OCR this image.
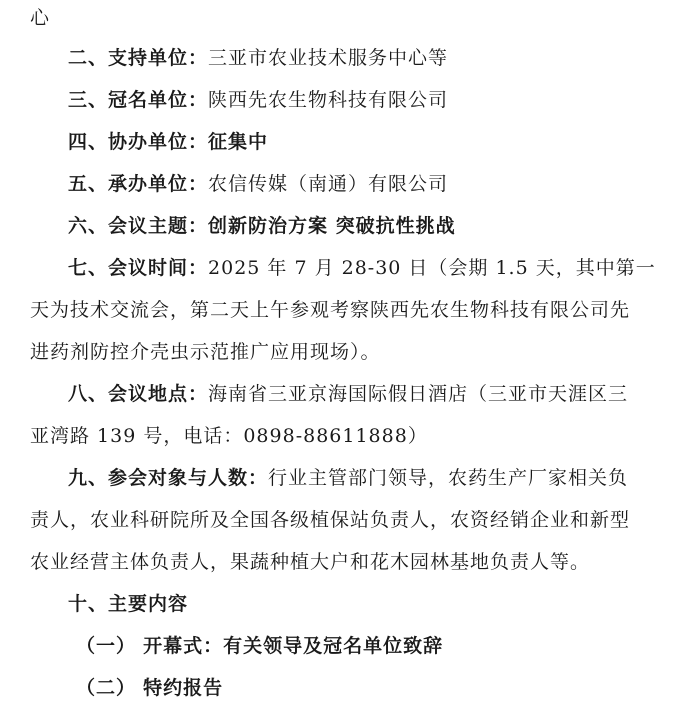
心
二、支持单位：三亚市农业技术服务中心等
三、冠名单位：陕西先农生物科技有限公司
四、协办单位：征集中
五、承办单位：农信传媒（南通）有限公司
六、会议主题：创新防治方案 突破抗性挑战
七、会议时间：2025 年 7 月 28-30 日（会期 1.5 天，其中第一
天为技术交流会，第二天上午参观考察陕西先农生物科技有限公司先
进药剂防控介壳虫示范推广应用现场）。
八、会议地点：海南省三亚京海国际假日酒店（三亚市天涯区三
亚湾路 139 号，电话：0898-88611888）
九、参会对象与人数：行业主管部门领导，农药生产厂家相关负
责人，农业科研院所及全国各级植保站负责人，农资经销企业和新型
农业经营主体负责人，果蔬种植大户和花木园林基地负责人等。
十、主要内容
（一） 开幕式：有关领导及冠名单位致辞
（二） 特约报告
